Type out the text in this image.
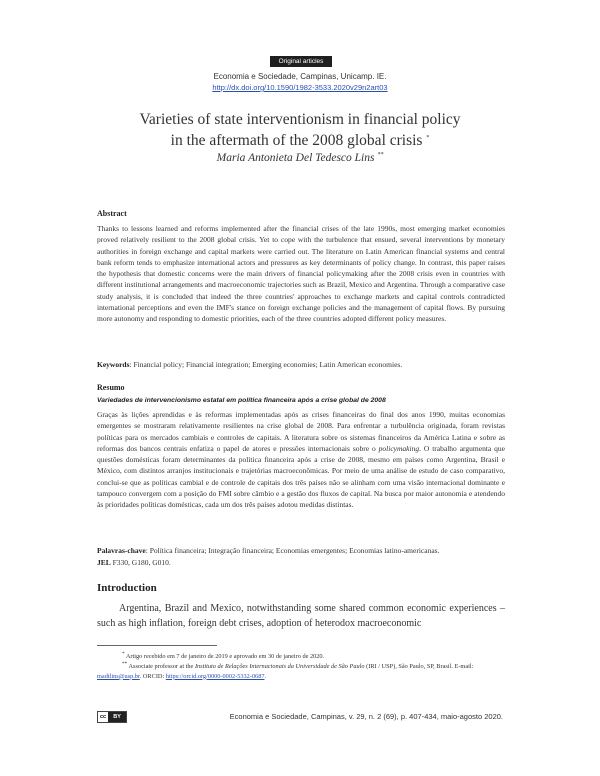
Original articles
Economia e Sociedade, Campinas, Unicamp. IE.
http://dx.doi.org/10.1590/1982-3533.2020v29n2art03
Varieties of state interventionism in financial policy
in the aftermath of the 2008 global crisis *
Maria Antonieta Del Tedesco Lins **
Abstract
Thanks to lessons learned and reforms implemented after the financial crises of the late 1990s, most emerging market economies proved relatively resilient to the 2008 global crisis. Yet to cope with the turbulence that ensued, several interventions by monetary authorities in foreign exchange and capital markets were carried out. The literature on Latin American financial systems and central bank reform tends to emphasize international actors and pressures as key determinants of policy change. In contrast, this paper raises the hypothesis that domestic concerns were the main drivers of financial policymaking after the 2008 crisis even in countries with different institutional arrangements and macroeconomic trajectories such as Brazil, Mexico and Argentina. Through a comparative case study analysis, it is concluded that indeed the three countries' approaches to exchange markets and capital controls contradicted international perceptions and even the IMF's stance on foreign exchange policies and the management of capital flows. By pursuing more autonomy and responding to domestic priorities, each of the three countries adopted different policy measures.
Keywords: Financial policy; Financial integration; Emerging economies; Latin American economies.
Resumo
Variedades de intervencionismo estatal em política financeira após a crise global de 2008
Graças às lições aprendidas e às reformas implementadas após as crises financeiras do final dos anos 1990, muitas economias emergentes se mostraram relativamente resilientes na crise global de 2008. Para enfrentar a turbulência originada, foram revistas políticas para os mercados cambiais e controles de capitais. A literatura sobre os sistemas financeiros da América Latina e sobre as reformas dos bancos centrais enfatiza o papel de atores e pressões internacionais sobre o policymaking. O trabalho argumenta que questões domésticas foram determinantes da política financeira após a crise de 2008, mesmo em países como Argentina, Brasil e México, com distintos arranjos institucionais e trajetórias macroeconômicas. Por meio de uma análise de estudo de caso comparativo, conclui-se que as políticas cambial e de controle de capitais dos três países não se alinham com uma visão internacional dominante e tampouco convergem com a posição do FMI sobre câmbio e a gestão dos fluxos de capital. Na busca por maior autonomia e atendendo às prioridades políticas domésticas, cada um dos três países adotou medidas distintas.
Palavras-chave: Política financeira; Integração financeira; Economias emergentes; Economias latino-americanas.
JEL F330, G180, G010.
Introduction
Argentina, Brazil and Mexico, notwithstanding some shared common economic experiences – such as high inflation, foreign debt crises, adoption of heterodox macroeconomic
* Artigo recebido em 7 de janeiro de 2019 e aprovado em 30 de janeiro de 2020.
** Associate professor at the Instituto de Relações Internacionais da Universidade de São Paulo (IRI / USP), São Paulo, SP, Brasil. E-mail: madtlins@usp.br. ORCID: https://orcid.org/0000-0002-5332-0687.
cc	BY	Economia e Sociedade, Campinas, v. 29, n. 2 (69), p. 407-434, maio-agosto 2020.
